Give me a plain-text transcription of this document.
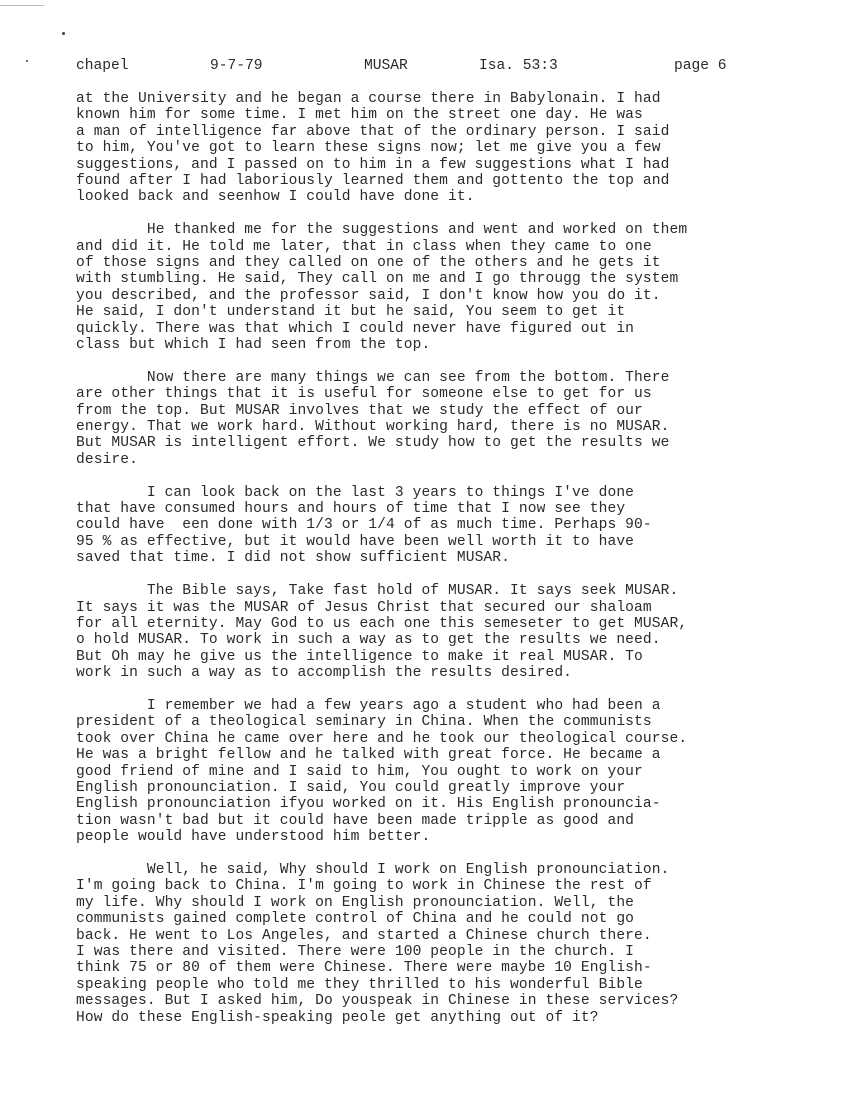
chapel

	9-7-79

	MUSAR

	Isa. 53:3

	page 6

at the University and he began a course there in Babylonain. I had
known him for some time. I met him on the street one day. He was
a man of intelligence far above that of the ordinary person. I said
to him, You've got to learn these signs now; let me give you a few
suggestions, and I passed on to him in a few suggestions what I had
found after I had laboriously learned them and gottento the top and
looked back and seenhow I could have done it.
He thanked me for the suggestions and went and worked on them
and did it. He told me later, that in class when they came to one
of those signs and they called on one of the others and he gets it
with stumbling. He said, They call on me and I go througg the system
you described, and the professor said, I don't know how you do it.
He said, I don't understand it but he said, You seem to get it
quickly. There was that which I could never have figured out in
class but which I had seen from the top.
Now there are many things we can see from the bottom. There
are other things that it is useful for someone else to get for us
from the top. But MUSAR involves that we study the effect of our
energy. That we work hard. Without working hard, there is no MUSAR.
But MUSAR is intelligent effort. We study how to get the results we
desire.
I can look back on the last 3 years to things I've done
that have consumed hours and hours of time that I now see they
could have  een done with 1/3 or 1/4 of as much time. Perhaps 90-
95 % as effective, but it would have been well worth it to have
saved that time. I did not show sufficient MUSAR.
The Bible says, Take fast hold of MUSAR. It says seek MUSAR.
It says it was the MUSAR of Jesus Christ that secured our shaloam
for all eternity. May God to us each one this semeseter to get MUSAR,
o hold MUSAR. To work in such a way as to get the results we need.
But Oh may he give us the intelligence to make it real MUSAR. To
work in such a way as to accomplish the results desired.
I remember we had a few years ago a student who had been a
president of a theological seminary in China. When the communists
took over China he came over here and he took our theological course.
He was a bright fellow and he talked with great force. He became a
good friend of mine and I said to him, You ought to work on your
English pronounciation. I said, You could greatly improve your
English pronounciation ifyou worked on it. His English pronouncia-
tion wasn't bad but it could have been made tripple as good and
people would have understood him better.
Well, he said, Why should I work on English pronounciation.
I'm going back to China. I'm going to work in Chinese the rest of
my life. Why should I work on English pronounciation. Well, the
communists gained complete control of China and he could not go
back. He went to Los Angeles, and started a Chinese church there.
I was there and visited. There were 100 people in the church. I
think 75 or 80 of them were Chinese. There were maybe 10 English-
speaking people who told me they thrilled to his wonderful Bible
messages. But I asked him, Do youspeak in Chinese in these services?
How do these English-speaking peole get anything out of it?
